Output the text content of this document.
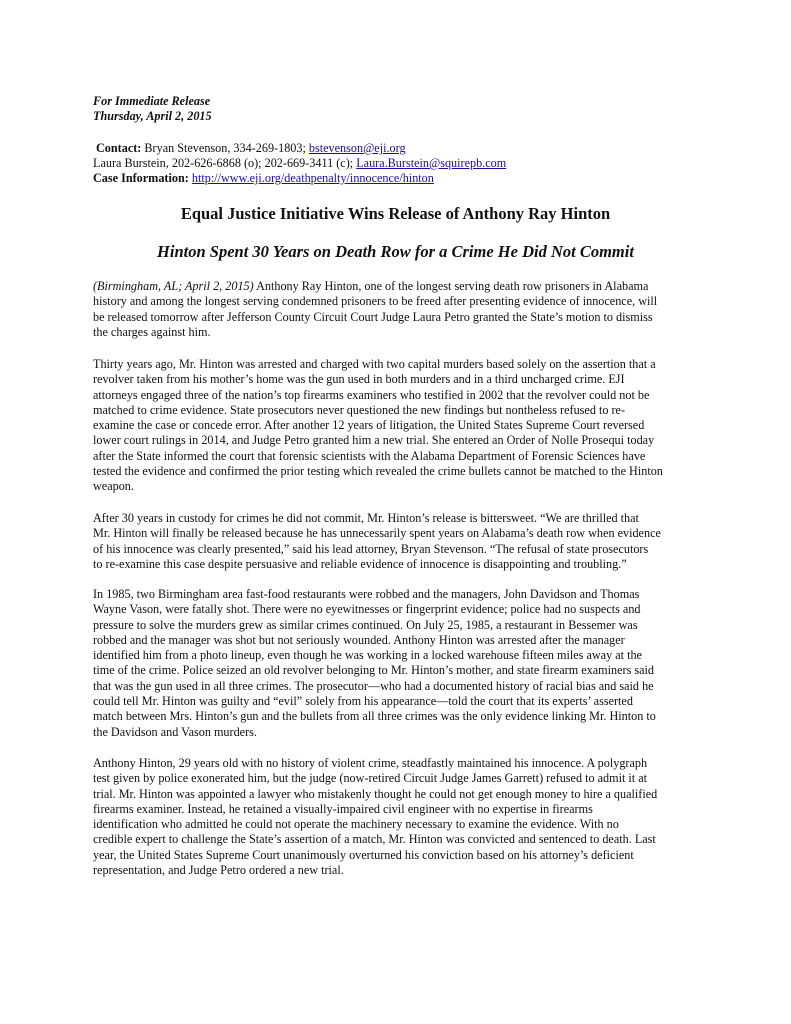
For Immediate Release
Thursday, April 2, 2015
Contact: Bryan Stevenson, 334-269-1803; bstevenson@eji.org
Laura Burstein, 202-626-6868 (o); 202-669-3411 (c); Laura.Burstein@squirepb.com
Case Information: http://www.eji.org/deathpenalty/innocence/hinton
Equal Justice Initiative Wins Release of Anthony Ray Hinton
Hinton Spent 30 Years on Death Row for a Crime He Did Not Commit
(Birmingham, AL; April 2, 2015) Anthony Ray Hinton, one of the longest serving death row prisoners in Alabama
history and among the longest serving condemned prisoners to be freed after presenting evidence of innocence, will
be released tomorrow after Jefferson County Circuit Court Judge Laura Petro granted the State’s motion to dismiss
the charges against him.
Thirty years ago, Mr. Hinton was arrested and charged with two capital murders based solely on the assertion that a
revolver taken from his mother’s home was the gun used in both murders and in a third uncharged crime. EJI
attorneys engaged three of the nation’s top firearms examiners who testified in 2002 that the revolver could not be
matched to crime evidence. State prosecutors never questioned the new findings but nontheless refused to re-
examine the case or concede error. After another 12 years of litigation, the United States Supreme Court reversed
lower court rulings in 2014, and Judge Petro granted him a new trial. She entered an Order of Nolle Prosequi today
after the State informed the court that forensic scientists with the Alabama Department of Forensic Sciences have
tested the evidence and confirmed the prior testing which revealed the crime bullets cannot be matched to the Hinton
weapon.
After 30 years in custody for crimes he did not commit, Mr. Hinton’s release is bittersweet. “We are thrilled that
Mr. Hinton will finally be released because he has unnecessarily spent years on Alabama’s death row when evidence
of his innocence was clearly presented,” said his lead attorney, Bryan Stevenson. “The refusal of state prosecutors
to re-examine this case despite persuasive and reliable evidence of innocence is disappointing and troubling.”
In 1985, two Birmingham area fast-food restaurants were robbed and the managers, John Davidson and Thomas
Wayne Vason, were fatally shot. There were no eyewitnesses or fingerprint evidence; police had no suspects and
pressure to solve the murders grew as similar crimes continued. On July 25, 1985, a restaurant in Bessemer was
robbed and the manager was shot but not seriously wounded. Anthony Hinton was arrested after the manager
identified him from a photo lineup, even though he was working in a locked warehouse fifteen miles away at the
time of the crime. Police seized an old revolver belonging to Mr. Hinton’s mother, and state firearm examiners said
that was the gun used in all three crimes. The prosecutor—who had a documented history of racial bias and said he
could tell Mr. Hinton was guilty and “evil” solely from his appearance—told the court that its experts’ asserted
match between Mrs. Hinton’s gun and the bullets from all three crimes was the only evidence linking Mr. Hinton to
the Davidson and Vason murders.
Anthony Hinton, 29 years old with no history of violent crime, steadfastly maintained his innocence. A polygraph
test given by police exonerated him, but the judge (now-retired Circuit Judge James Garrett) refused to admit it at
trial. Mr. Hinton was appointed a lawyer who mistakenly thought he could not get enough money to hire a qualified
firearms examiner. Instead, he retained a visually-impaired civil engineer with no expertise in firearms
identification who admitted he could not operate the machinery necessary to examine the evidence. With no
credible expert to challenge the State’s assertion of a match, Mr. Hinton was convicted and sentenced to death. Last
year, the United States Supreme Court unanimously overturned his conviction based on his attorney’s deficient
representation, and Judge Petro ordered a new trial.
